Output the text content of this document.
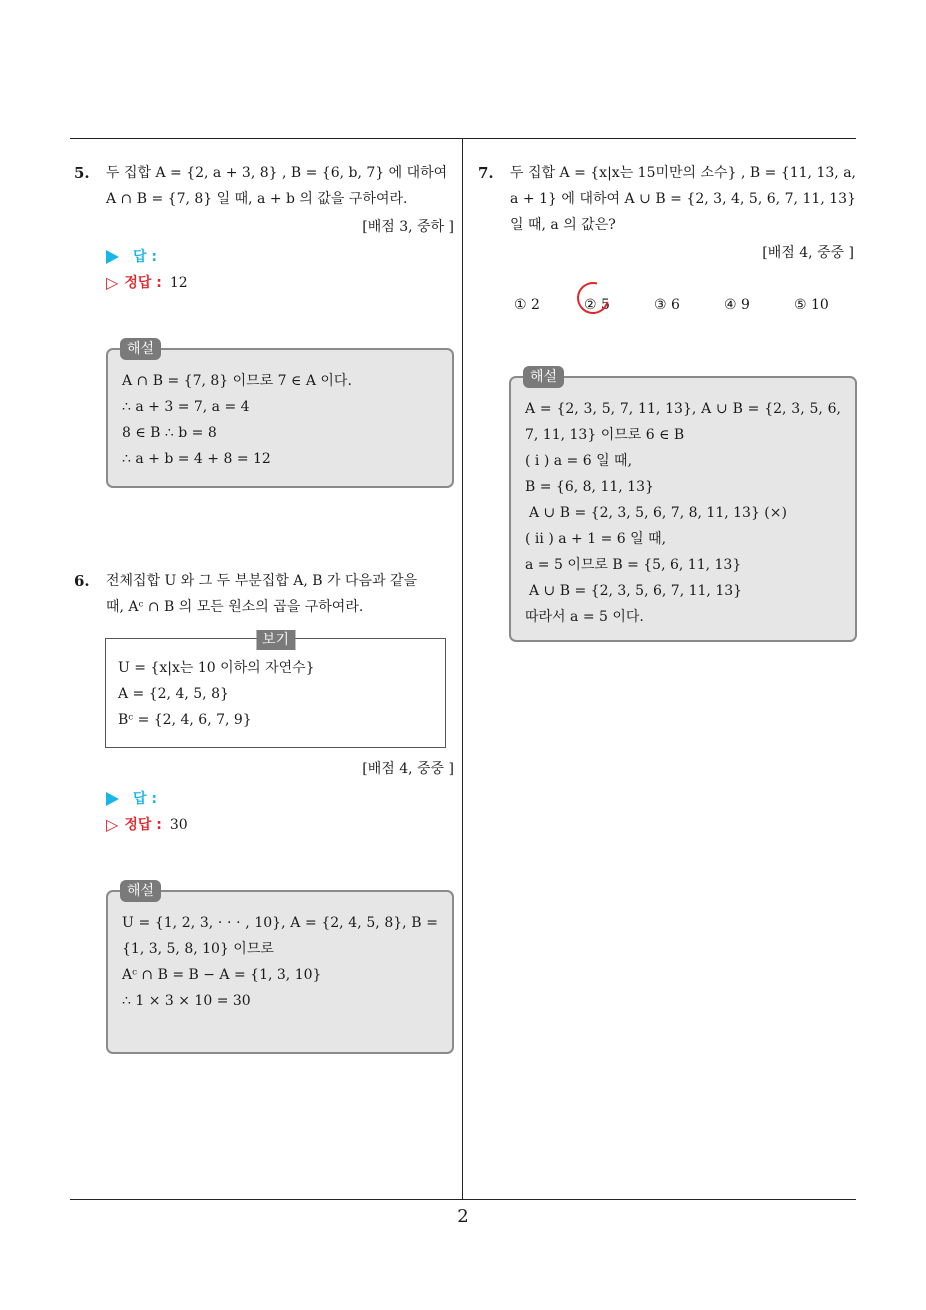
5. 두 집합 A = {2, a + 3, 8} , B = {6, b, 7} 에 대하여
A ∩ B = {7, 8} 일 때, a + b 의 값을 구하여라.
[배점 3, 중하 ]
답 :
▷ 정답 : 12
해설
A ∩ B = {7, 8} 이므로 7 ∈ A 이다.
∴ a + 3 = 7, a = 4
8 ∈ B ∴ b = 8
∴ a + b = 4 + 8 = 12
6. 전체집합 U 와 그 두 부분집합 A, B 가 다음과 같을
때, Aᶜ ∩ B 의 모든 원소의 곱을 구하여라.
보기
U = {x|x는 10 이하의 자연수}
A = {2, 4, 5, 8}
Bᶜ = {2, 4, 6, 7, 9}
[배점 4, 중중 ]
답 :
▷ 정답 : 30
해설
U = {1, 2, 3, · · · , 10}, A = {2, 4, 5, 8}, B = {1, 3, 5, 8, 10} 이므로
Aᶜ ∩ B = B − A = {1, 3, 10}
∴ 1 × 3 × 10 = 30
7. 두 집합 A = {x|x는 15미만의 소수} , B = {11, 13, a, a + 1} 에 대하여 A ∪ B = {2, 3, 4, 5, 6, 7, 11, 13} 일 때, a 의 값은?
[배점 4, 중중 ]
① 2	② 5	③ 6	④ 9	⑤ 10
해설
A = {2, 3, 5, 7, 11, 13}, A ∪ B = {2, 3, 5, 6, 7, 11, 13} 이므로 6 ∈ B
( i ) a = 6 일 때,
B = {6, 8, 11, 13}
A ∪ B = {2, 3, 5, 6, 7, 8, 11, 13} (×)
( ii ) a + 1 = 6 일 때,
a = 5 이므로 B = {5, 6, 11, 13}
A ∪ B = {2, 3, 5, 6, 7, 11, 13}
따라서 a = 5 이다.
2
